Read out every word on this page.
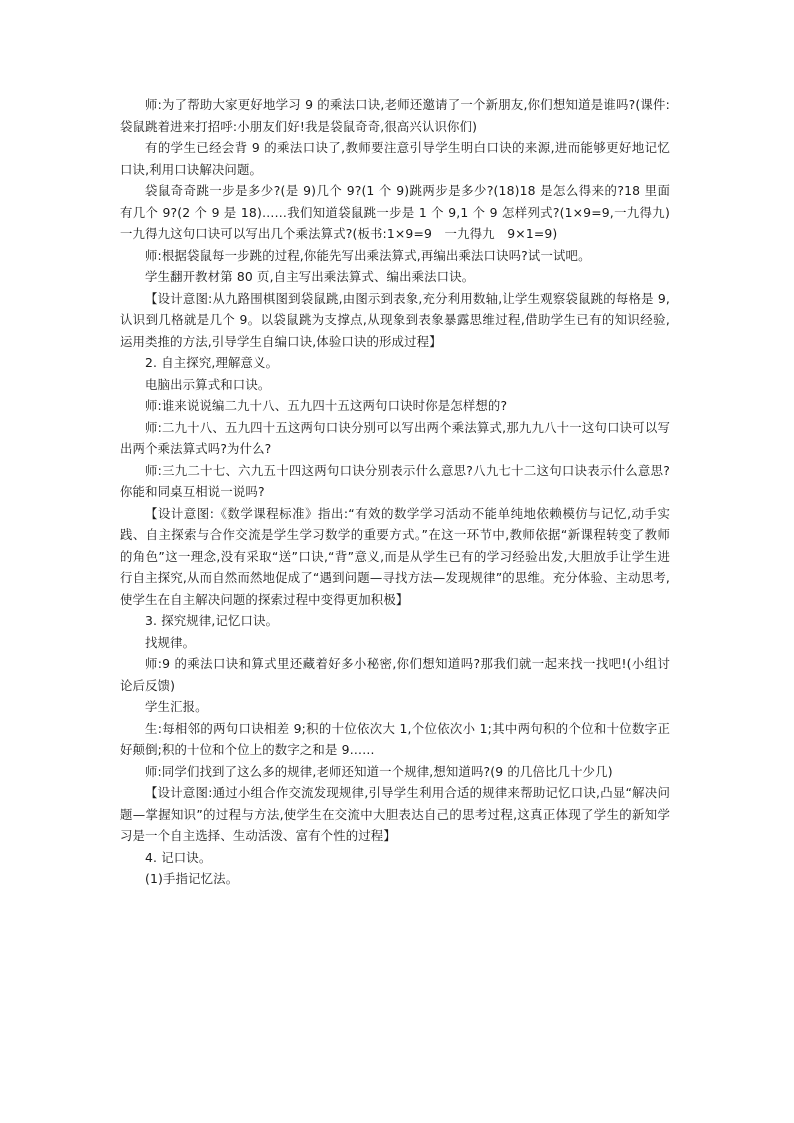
师:为了帮助大家更好地学习 9 的乘法口诀,老师还邀请了一个新朋友,你们想知道是谁吗?(课件:袋鼠跳着进来打招呼:小朋友们好!我是袋鼠奇奇,很高兴认识你们)

有的学生已经会背 9 的乘法口诀了,教师要注意引导学生明白口诀的来源,进而能够更好地记忆口诀,利用口诀解决问题。

袋鼠奇奇跳一步是多少?(是 9)几个 9?(1 个 9)跳两步是多少?(18)18 是怎么得来的?18 里面有几个 9?(2 个 9 是 18)……我们知道袋鼠跳一步是 1 个 9,1 个 9 怎样列式?(1×9=9,一九得九)一九得九这句口诀可以写出几个乘法算式?(板书:1×9=9　一九得九　9×1=9)

师:根据袋鼠每一步跳的过程,你能先写出乘法算式,再编出乘法口诀吗?试一试吧。

学生翻开教材第 80 页,自主写出乘法算式、编出乘法口诀。

【设计意图:从九路围棋图到袋鼠跳,由图示到表象,充分利用数轴,让学生观察袋鼠跳的每格是 9,认识到几格就是几个 9。以袋鼠跳为支撑点,从现象到表象暴露思维过程,借助学生已有的知识经验,运用类推的方法,引导学生自编口诀,体验口诀的形成过程】

2. 自主探究,理解意义。

电脑出示算式和口诀。

师:谁来说说编二九十八、五九四十五这两句口诀时你是怎样想的?

师:二九十八、五九四十五这两句口诀分别可以写出两个乘法算式,那九九八十一这句口诀可以写出两个乘法算式吗?为什么?

师:三九二十七、六九五十四这两句口诀分别表示什么意思?八九七十二这句口诀表示什么意思?你能和同桌互相说一说吗?

【设计意图:《数学课程标准》指出:“有效的数学学习活动不能单纯地依赖模仿与记忆,动手实践、自主探索与合作交流是学生学习数学的重要方式。”在这一环节中,教师依据“新课程转变了教师的角色”这一理念,没有采取“送”口诀,“背”意义,而是从学生已有的学习经验出发,大胆放手让学生进行自主探究,从而自然而然地促成了“遇到问题—寻找方法—发现规律”的思维。充分体验、主动思考,使学生在自主解决问题的探索过程中变得更加积极】

3. 探究规律,记忆口诀。

找规律。

师:9 的乘法口诀和算式里还藏着好多小秘密,你们想知道吗?那我们就一起来找一找吧!(小组讨论后反馈)

学生汇报。

生:每相邻的两句口诀相差 9;积的十位依次大 1,个位依次小 1;其中两句积的个位和十位数字正好颠倒;积的十位和个位上的数字之和是 9……

师:同学们找到了这么多的规律,老师还知道一个规律,想知道吗?(9 的几倍比几十少几)

【设计意图:通过小组合作交流发现规律,引导学生利用合适的规律来帮助记忆口诀,凸显“解决问题—掌握知识”的过程与方法,使学生在交流中大胆表达自己的思考过程,这真正体现了学生的新知学习是一个自主选择、生动活泼、富有个性的过程】

4. 记口诀。

(1)手指记忆法。
